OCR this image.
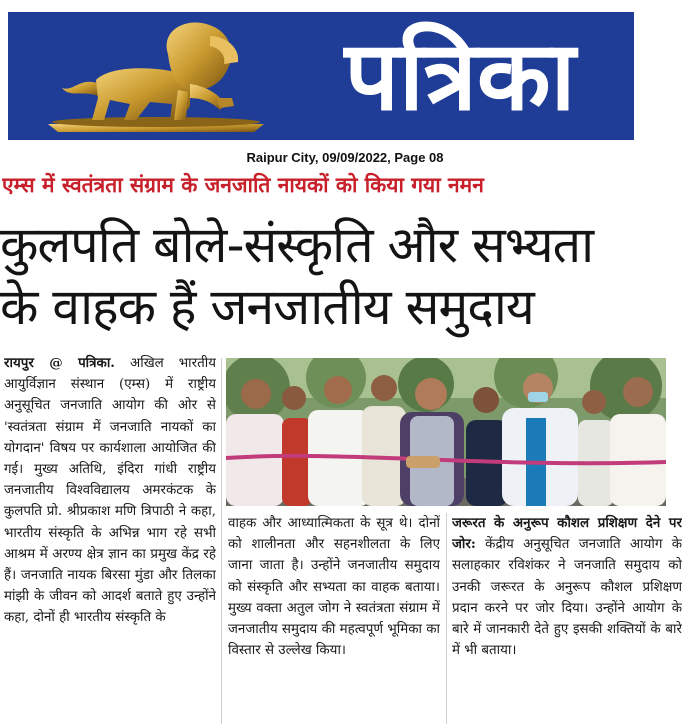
पत्रिका
Raipur City, 09/09/2022, Page 08
एम्स में स्वतंत्रता संग्राम के जनजाति नायकों को किया गया नमन
कुलपति बोले-संस्कृति और सभ्यता
के वाहक हैं जनजातीय समुदाय
रायपुर @ पत्रिका. अखिल भारतीय आयुर्विज्ञान संस्थान (एम्स) में राष्ट्रीय अनुसूचित जनजाति आयोग की ओर से 'स्वतंत्रता संग्राम में जनजाति नायकों का योगदान' विषय पर कार्यशाला आयोजित की गई। मुख्य अतिथि, इंदिरा गांधी राष्ट्रीय जनजातीय विश्वविद्यालय अमरकंटक के कुलपति प्रो. श्रीप्रकाश मणि त्रिपाठी ने कहा, भारतीय संस्कृति के अभिन्न भाग रहे सभी आश्रम में अरण्य क्षेत्र ज्ञान का प्रमुख केंद्र रहे हैं। जनजाति नायक बिरसा मुंडा और तिलका मांझी के जीवन को आदर्श बताते हुए उन्होंने कहा, दोनों ही भारतीय संस्कृति के
वाहक और आध्यात्मिकता के सूत्र थे। दोनों को शालीनता और सहनशीलता के लिए जाना जाता है। उन्होंने जनजातीय समुदाय को संस्कृति और सभ्यता का वाहक बताया। मुख्य वक्ता अतुल जोग ने स्वतंत्रता संग्राम में जनजातीय समुदाय की महत्वपूर्ण भूमिका का विस्तार से उल्लेख किया।
जरूरत के अनुरूप कौशल प्रशिक्षण देने पर जोर: केंद्रीय अनुसूचित जनजाति आयोग के सलाहकार रविशंकर ने जनजाति समुदाय को उनकी जरूरत के अनुरूप कौशल प्रशिक्षण प्रदान करने पर जोर दिया। उन्होंने आयोग के बारे में जानकारी देते हुए इसकी शक्तियों के बारे में भी बताया।
